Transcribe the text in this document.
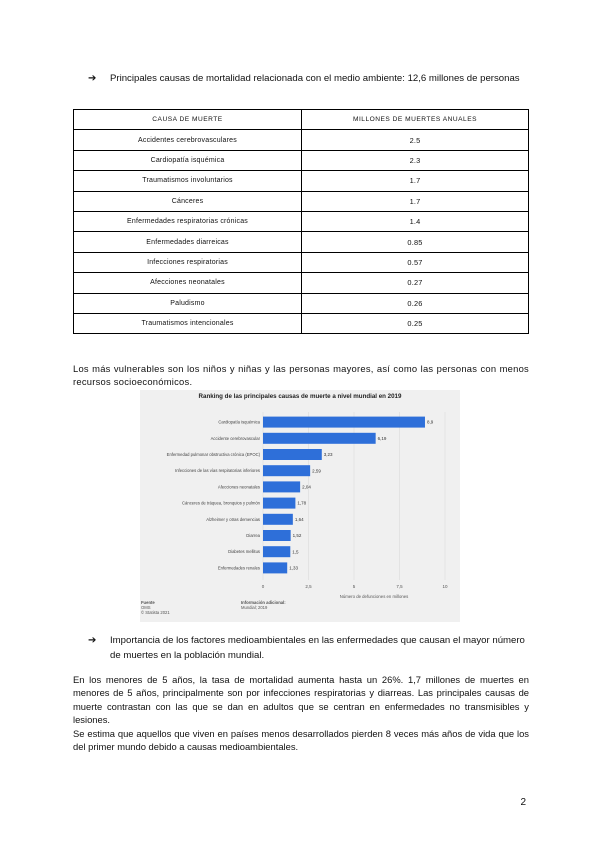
➔	Principales causas de mortalidad relacionada con el medio ambiente: 12,6 millones de personas
CAUSA DE MUERTE	MILLONES DE MUERTES ANUALES
Accidentes cerebrovasculares	2.5
Cardiopatía isquémica	2.3
Traumatismos involuntarios	1.7
Cánceres	1.7
Enfermedades respiratorias crónicas	1.4
Enfermedades diarreicas	0.85
Infecciones respiratorias	0.57
Afecciones neonatales	0.27
Paludismo	0.26
Traumatismos intencionales	0.25
Los más vulnerables son los niños y niñas y las personas mayores, así como las personas con menos recursos socioeconómicos.
0	2,5	5	7,5	10
Número de defunciones en millones
Cardiopatía isquémica	8,9
Accidente cerebrovascular	6,19
Enfermedad pulmonar obstructiva crónica (EPOC)	3,23
Infecciones de las vías respiratorias inferiores	2,59
Afecciones neonatales	2,04
Cánceres de tráquea, bronquios y pulmón	1,78
Alzheimer y otras demencias	1,64
Diarrea	1,52
Diabetes mellitus	1,5
Enfermedades renales	1,33
Ranking de las principales causas de muerte a nivel mundial en 2019
Fuente
OMS
© Statista 2021
Información adicional:
Mundial; 2019
➔	Importancia de los factores medioambientales en las enfermedades que causan el mayor número de muertes en la población mundial.
En los menores de 5 años, la tasa de mortalidad aumenta hasta un 26%. 1,7 millones de muertes en menores de 5 años, principalmente son por infecciones respiratorias y diarreas. Las principales causas de muerte contrastan con las que se dan en adultos que se centran en enfermedades no transmisibles y lesiones.
Se estima que aquellos que viven en países menos desarrollados pierden 8 veces más años de vida que los del primer mundo debido a causas medioambientales.
2
